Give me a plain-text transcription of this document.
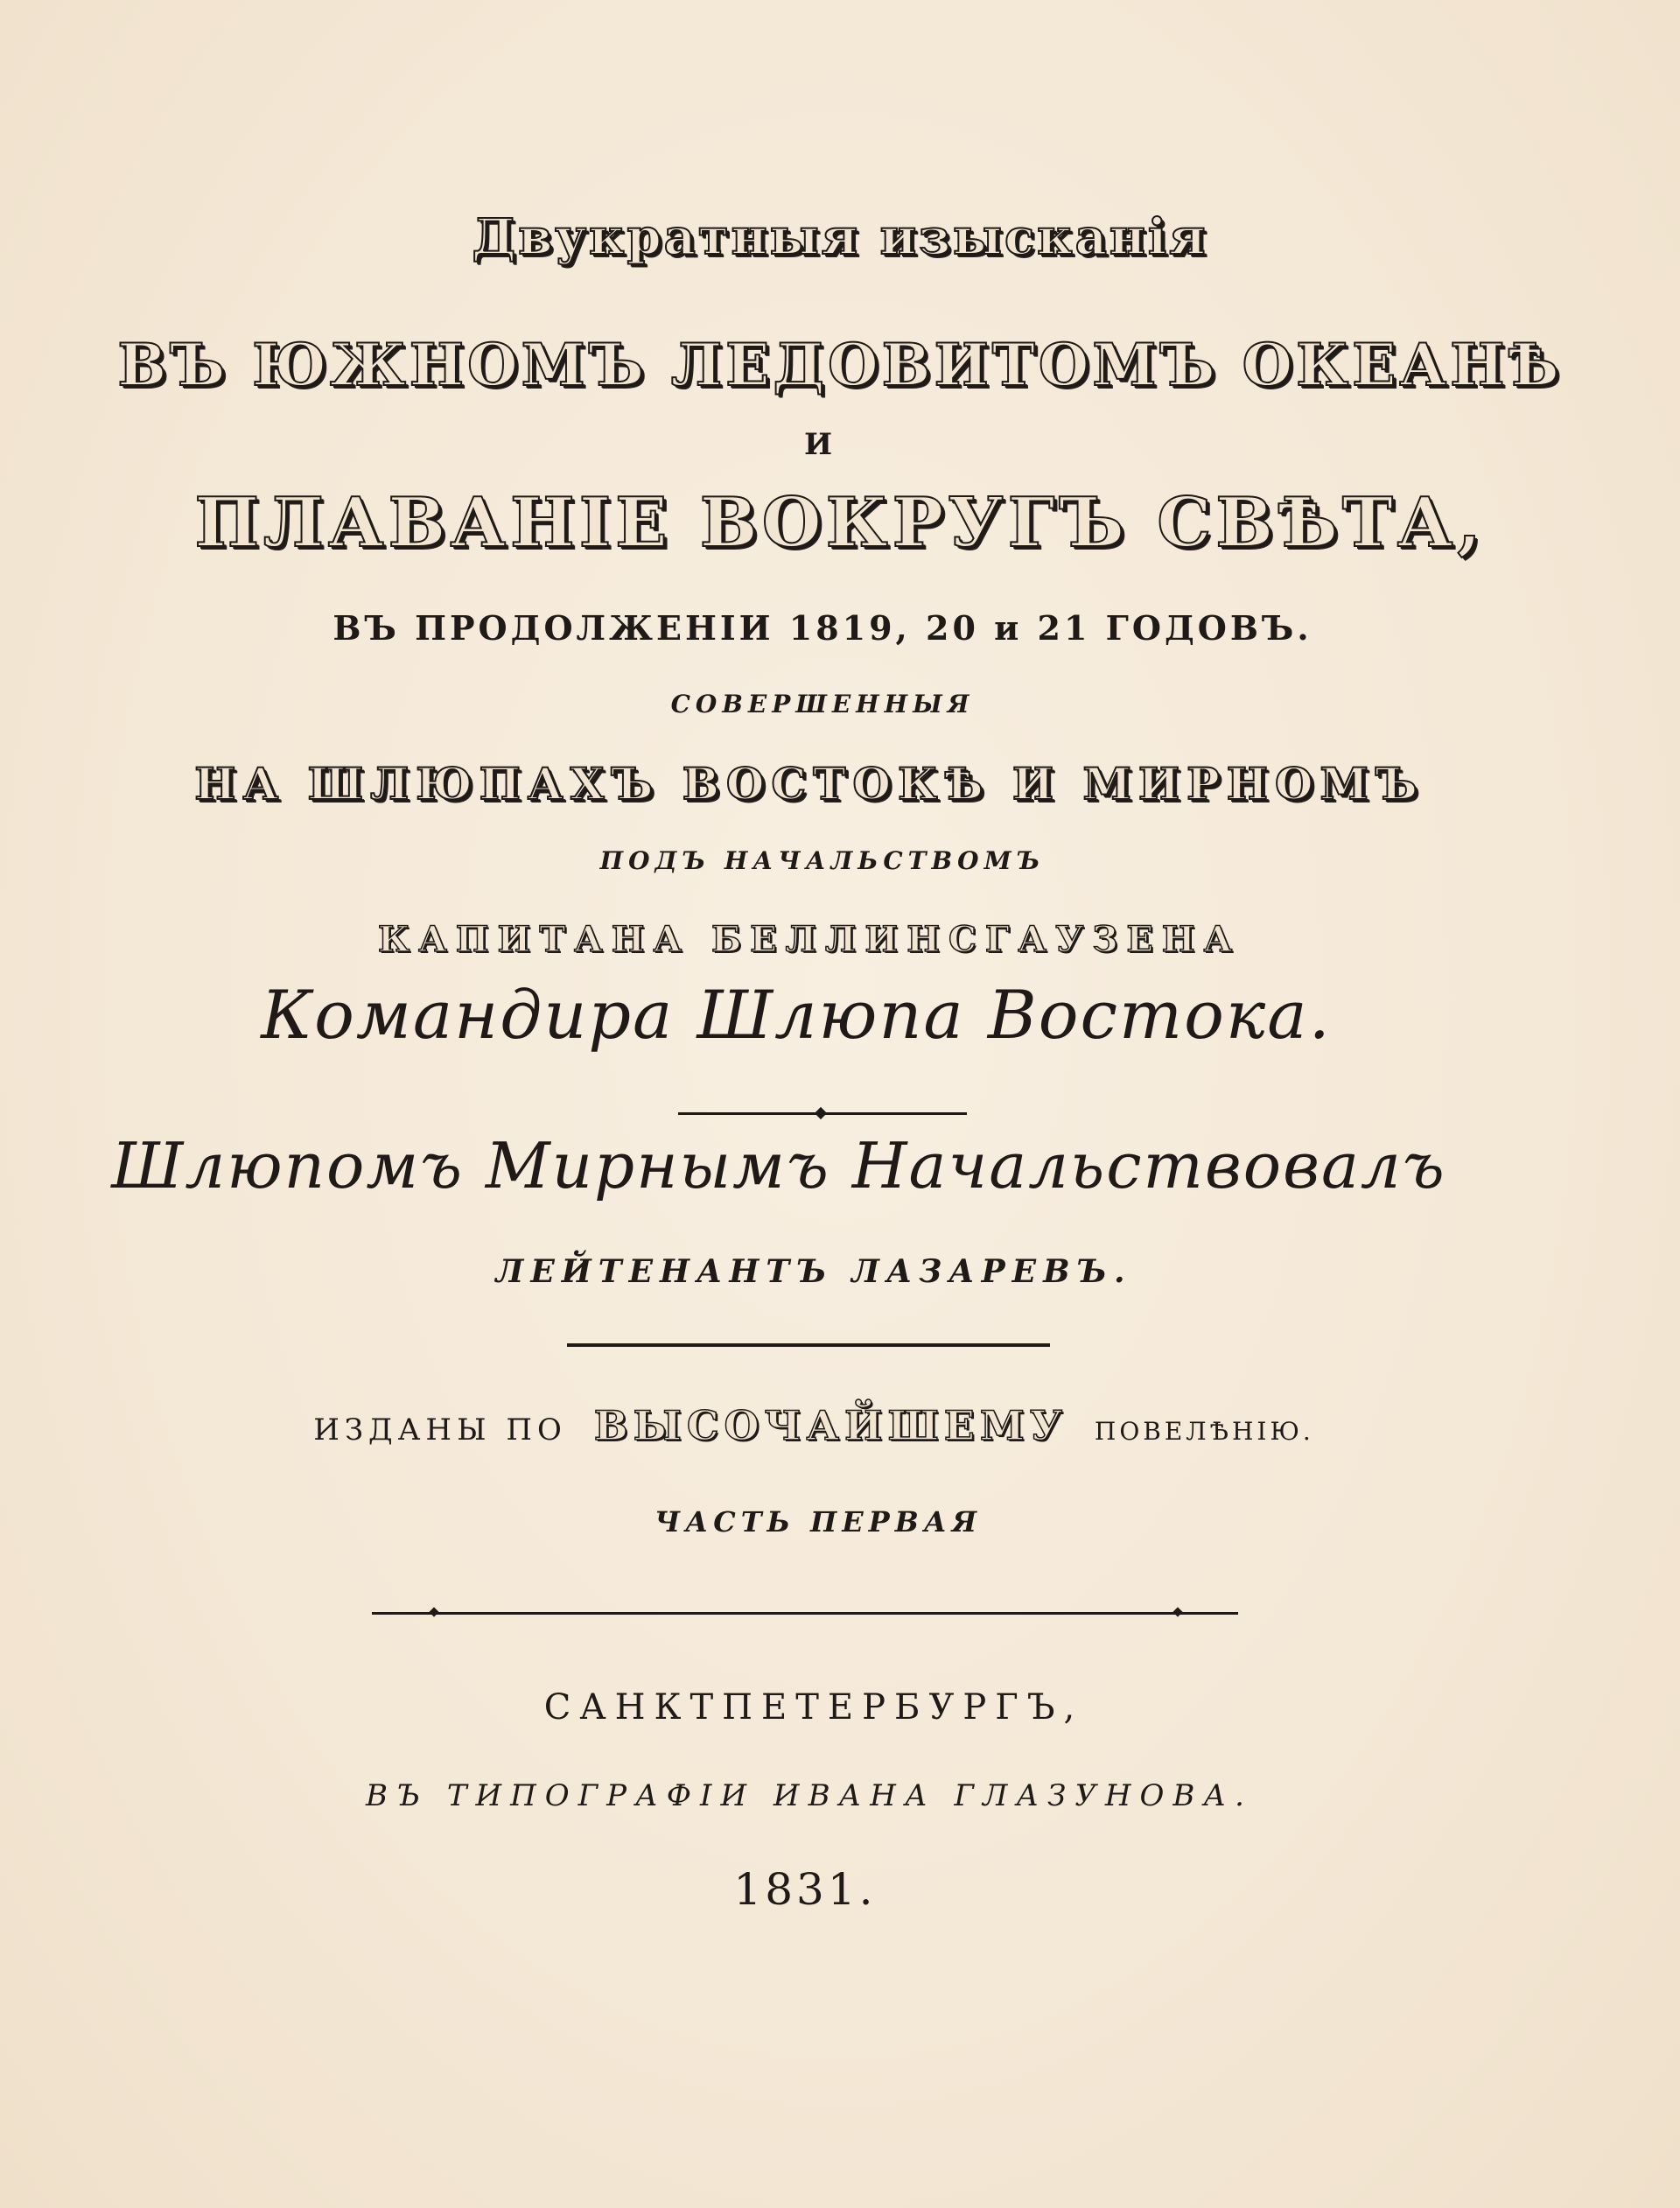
Двукратныя изысканія
ВЪ ЮЖНОМЪ ЛЕДОВИТОМЪ ОКЕАНѢ
И
ПЛАВАНІЕ ВОКРУГЪ СВѢТА,
ВЪ ПРОДОЛЖЕНІИ 1819, 20 и 21 ГОДОВЪ.
СОВЕРШЕННЫЯ
НА ШЛЮПАХЪ ВОСТОКѢ И МИРНОМЪ
ПОДЪ НАЧАЛЬСТВОМЪ
КАПИТАНА БЕЛЛИНСГАУЗЕНА
Командира Шлюпа Востока.
Шлюпомъ Мирнымъ Начальствовалъ
ЛЕЙТЕНАНТЪ ЛАЗАРЕВЪ.
ИЗДАНЫ ПО ВЫСОЧАЙШЕМУ ПОВЕЛѢНІЮ.
ЧАСТЬ ПЕРВАЯ
САНКТПЕТЕРБУРГЪ,
ВЪ ТИПОГРАФІИ ИВАНА ГЛАЗУНОВА.
1831.
